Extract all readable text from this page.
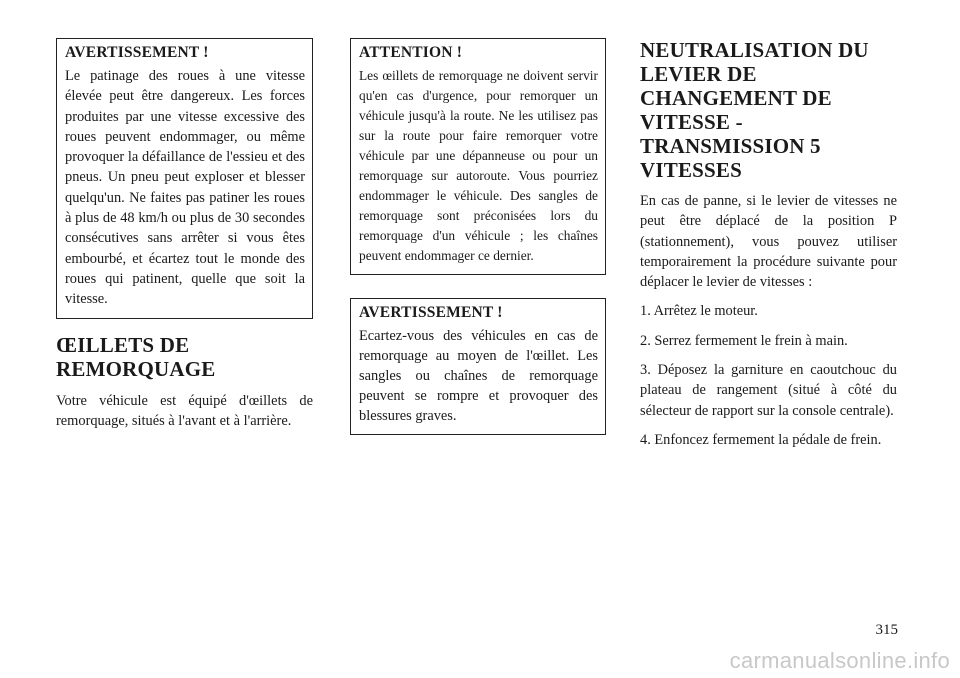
AVERTISSEMENT !

Le patinage des roues à une vitesse élevée peut être dangereux. Les forces produites par une vitesse excessive des roues peuvent endommager, ou même provoquer la défaillance de l'essieu et des pneus. Un pneu peut exploser et blesser quelqu'un. Ne faites pas patiner les roues à plus de 48 km/h ou plus de 30 secondes consécutives sans arrêter si vous êtes embourbé, et écartez tout le monde des roues qui patinent, quelle que soit la vitesse.

ŒILLETS DE REMORQUAGE

Votre véhicule est équipé d'œillets de remorquage, situés à l'avant et à l'arrière.

ATTENTION !

Les œillets de remorquage ne doivent servir qu'en cas d'urgence, pour remorquer un véhicule jusqu'à la route. Ne les utilisez pas sur la route pour faire remorquer votre véhicule par une dépanneuse ou pour un remorquage sur autoroute. Vous pourriez endommager le véhicule. Des sangles de remorquage sont préconisées lors du remorquage d'un véhicule ; les chaînes peuvent endommager ce dernier.

AVERTISSEMENT !

Ecartez-vous des véhicules en cas de remorquage au moyen de l'œillet. Les sangles ou chaînes de remorquage peuvent se rompre et provoquer des blessures graves.

NEUTRALISATION DU LEVIER DE CHANGEMENT DE VITESSE - TRANSMISSION 5 VITESSES

En cas de panne, si le levier de vitesses ne peut être déplacé de la position P (stationnement), vous pouvez utiliser temporairement la procédure suivante pour déplacer le levier de vitesses :

1. Arrêtez le moteur.

2. Serrez fermement le frein à main.

3. Déposez la garniture en caoutchouc du plateau de rangement (situé à côté du sélecteur de rapport sur la console centrale).

4. Enfoncez fermement la pédale de frein.

315
carmanualsonline.info
